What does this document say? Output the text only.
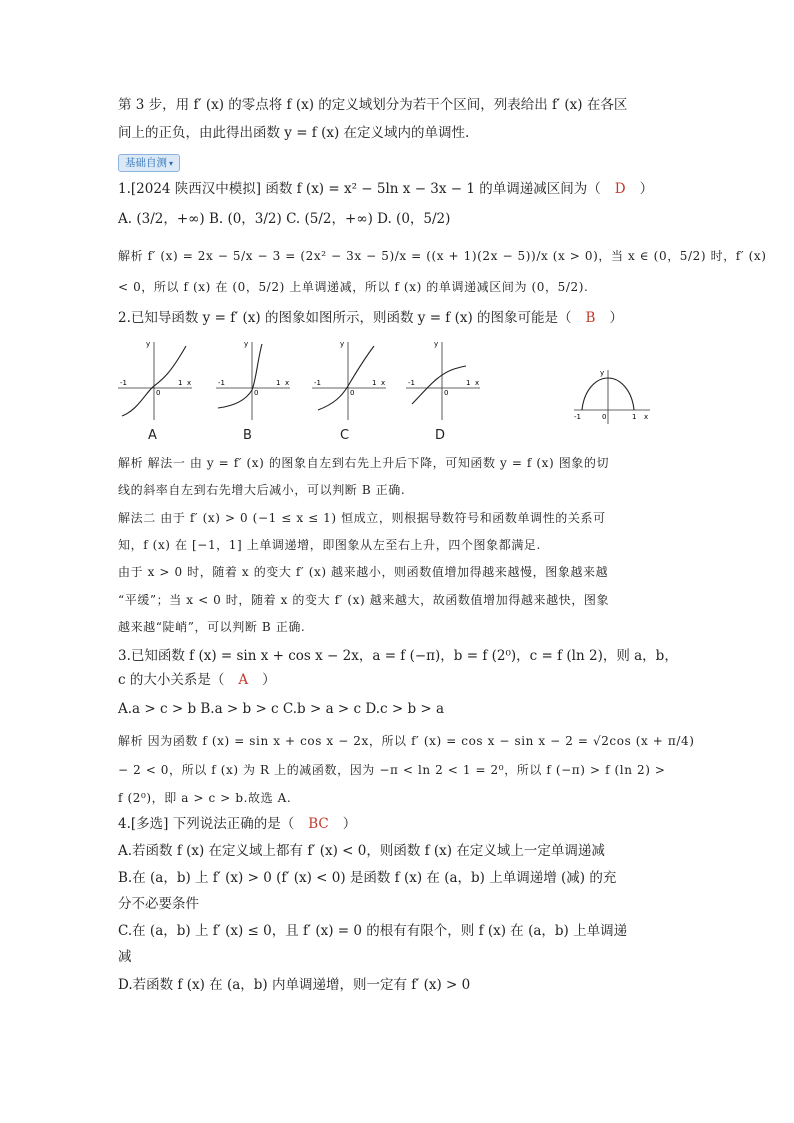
第 3 步，用 f′ (x) 的零点将 f (x) 的定义域划分为若干个区间，列表给出 f′ (x) 在各区
间上的正负，由此得出函数 y = f (x) 在定义域内的单调性.
基础自测 ▾
1.[2024 陕西汉中模拟] 函数 f (x) = x² − 5ln x − 3x − 1 的单调递减区间为（ D ）
A. (3/2，+∞) B. (0，3/2) C. (5/2，+∞) D. (0，5/2)
解析 f′ (x) = 2x − 5/x − 3 = (2x² − 3x − 5)/x = ((x + 1)(2x − 5))/x (x > 0)，当 x ∈ (0，5/2) 时，f′ (x)
< 0，所以 f (x) 在 (0，5/2) 上单调递减，所以 f (x) 的单调递减区间为 (0，5/2).
2.已知导函数 y = f′ (x) 的图象如图所示，则函数 y = f (x) 的图象可能是（ B ）
-1
0
1 x
y
A
-1
0
1 x
y
B
-1
0
1 x
y
C
-1
0
1 x
y
D
-1	0	1 x
y
解析 解法一 由 y = f′ (x) 的图象自左到右先上升后下降，可知函数 y = f (x) 图象的切
线的斜率自左到右先增大后减小，可以判断 B 正确.
解法二 由于 f′ (x) > 0 (−1 ≤ x ≤ 1) 恒成立，则根据导数符号和函数单调性的关系可
知，f (x) 在 [−1，1] 上单调递增，即图象从左至右上升，四个图象都满足.
由于 x > 0 时，随着 x 的变大 f′ (x) 越来越小，则函数值增加得越来越慢，图象越来越
“平缓”；当 x < 0 时，随着 x 的变大 f′ (x) 越来越大，故函数值增加得越来越快，图象
越来越“陡峭”，可以判断 B 正确.
3.已知函数 f (x) = sin x + cos x − 2x，a = f (−π)，b = f (2⁰)，c = f (ln 2)，则 a，b，
c 的大小关系是（ A ）
A.a > c > b B.a > b > c C.b > a > c D.c > b > a
解析 因为函数 f (x) = sin x + cos x − 2x，所以 f′ (x) = cos x − sin x − 2 = √2cos (x + π/4)
− 2 < 0，所以 f (x) 为 R 上的减函数，因为 −π < ln 2 < 1 = 2⁰，所以 f (−π) > f (ln 2) >
f (2⁰)，即 a > c > b.故选 A.
4.[多选] 下列说法正确的是（ BC ）
A.若函数 f (x) 在定义域上都有 f′ (x) < 0，则函数 f (x) 在定义域上一定单调递减
B.在 (a，b) 上 f′ (x) > 0 (f′ (x) < 0) 是函数 f (x) 在 (a，b) 上单调递增 (减) 的充
分不必要条件
C.在 (a，b) 上 f′ (x) ≤ 0，且 f′ (x) = 0 的根有有限个，则 f (x) 在 (a，b) 上单调递
减
D.若函数 f (x) 在 (a，b) 内单调递增，则一定有 f′ (x) > 0
